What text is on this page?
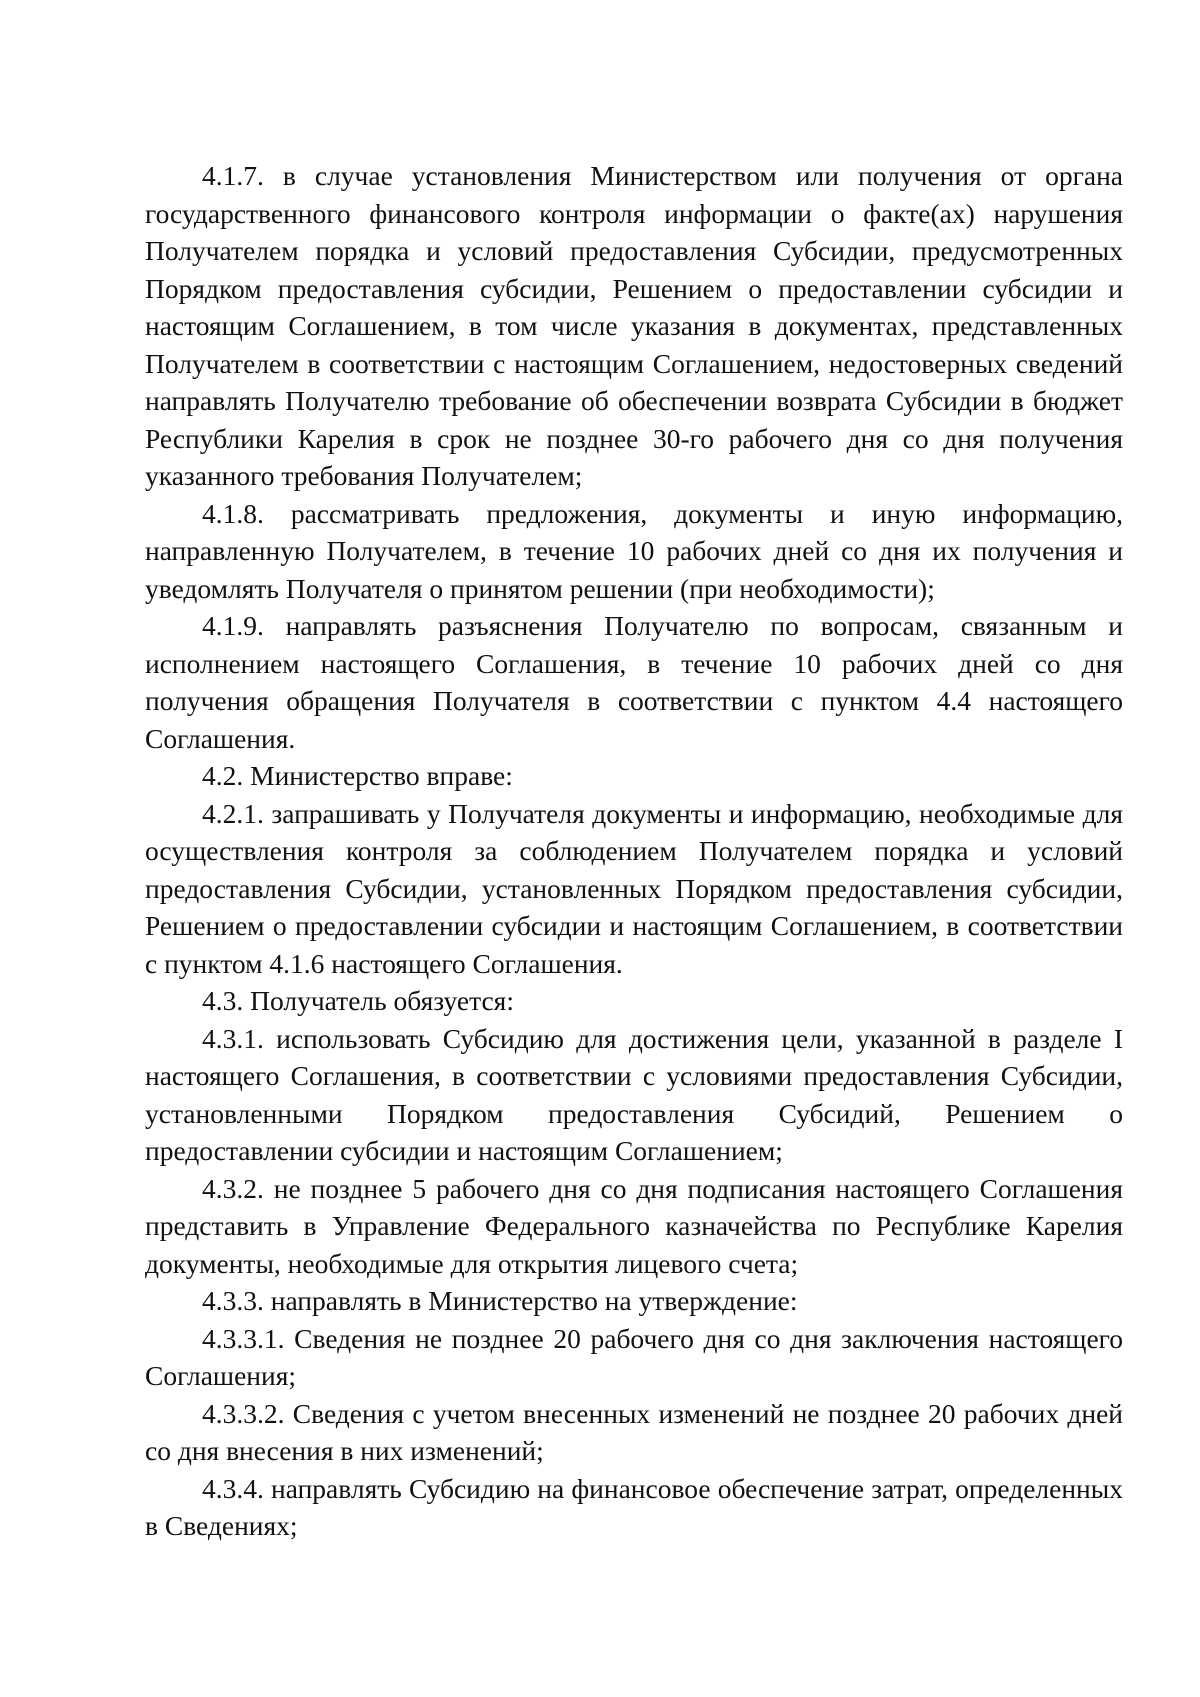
4.1.7. в случае установления Министерством или получения от органа государственного финансового контроля информации о факте(ах) нарушения Получателем порядка и условий предоставления Субсидии, предусмотренных Порядком предоставления субсидии, Решением о предоставлении субсидии и настоящим Соглашением, в том числе указания в документах, представленных Получателем в соответствии с настоящим Соглашением, недостоверных сведений направлять Получателю требование об обеспечении возврата Субсидии в бюджет Республики Карелия в срок не позднее 30-го рабочего дня со дня получения указанного требования Получателем;

4.1.8. рассматривать предложения, документы и иную информацию, направленную Получателем, в течение 10 рабочих дней со дня их получения и уведомлять Получателя о принятом решении (при необходимости);

4.1.9. направлять разъяснения Получателю по вопросам, связанным и исполнением настоящего Соглашения, в течение 10 рабочих дней со дня получения обращения Получателя в соответствии с пунктом 4.4 настоящего Соглашения.

4.2. Министерство вправе:

4.2.1. запрашивать у Получателя документы и информацию, необходимые для осуществления контроля за соблюдением Получателем порядка и условий предоставления Субсидии, установленных Порядком предоставления субсидии, Решением о предоставлении субсидии и настоящим Соглашением, в соответствии с пунктом 4.1.6 настоящего Соглашения.

4.3. Получатель обязуется:

4.3.1. использовать Субсидию для достижения цели, указанной в разделе I настоящего Соглашения, в соответствии с условиями предоставления Субсидии, установленными Порядком предоставления Субсидий, Решением о предоставлении субсидии и настоящим Соглашением;

4.3.2. не позднее 5 рабочего дня со дня подписания настоящего Соглашения представить в Управление Федерального казначейства по Республике Карелия документы, необходимые для открытия лицевого счета;

4.3.3. направлять в Министерство на утверждение:

4.3.3.1. Сведения не позднее 20 рабочего дня со дня заключения настоящего Соглашения;

4.3.3.2. Сведения с учетом внесенных изменений не позднее 20 рабочих дней со дня внесения в них изменений;

4.3.4. направлять Субсидию на финансовое обеспечение затрат, определенных в Сведениях;
